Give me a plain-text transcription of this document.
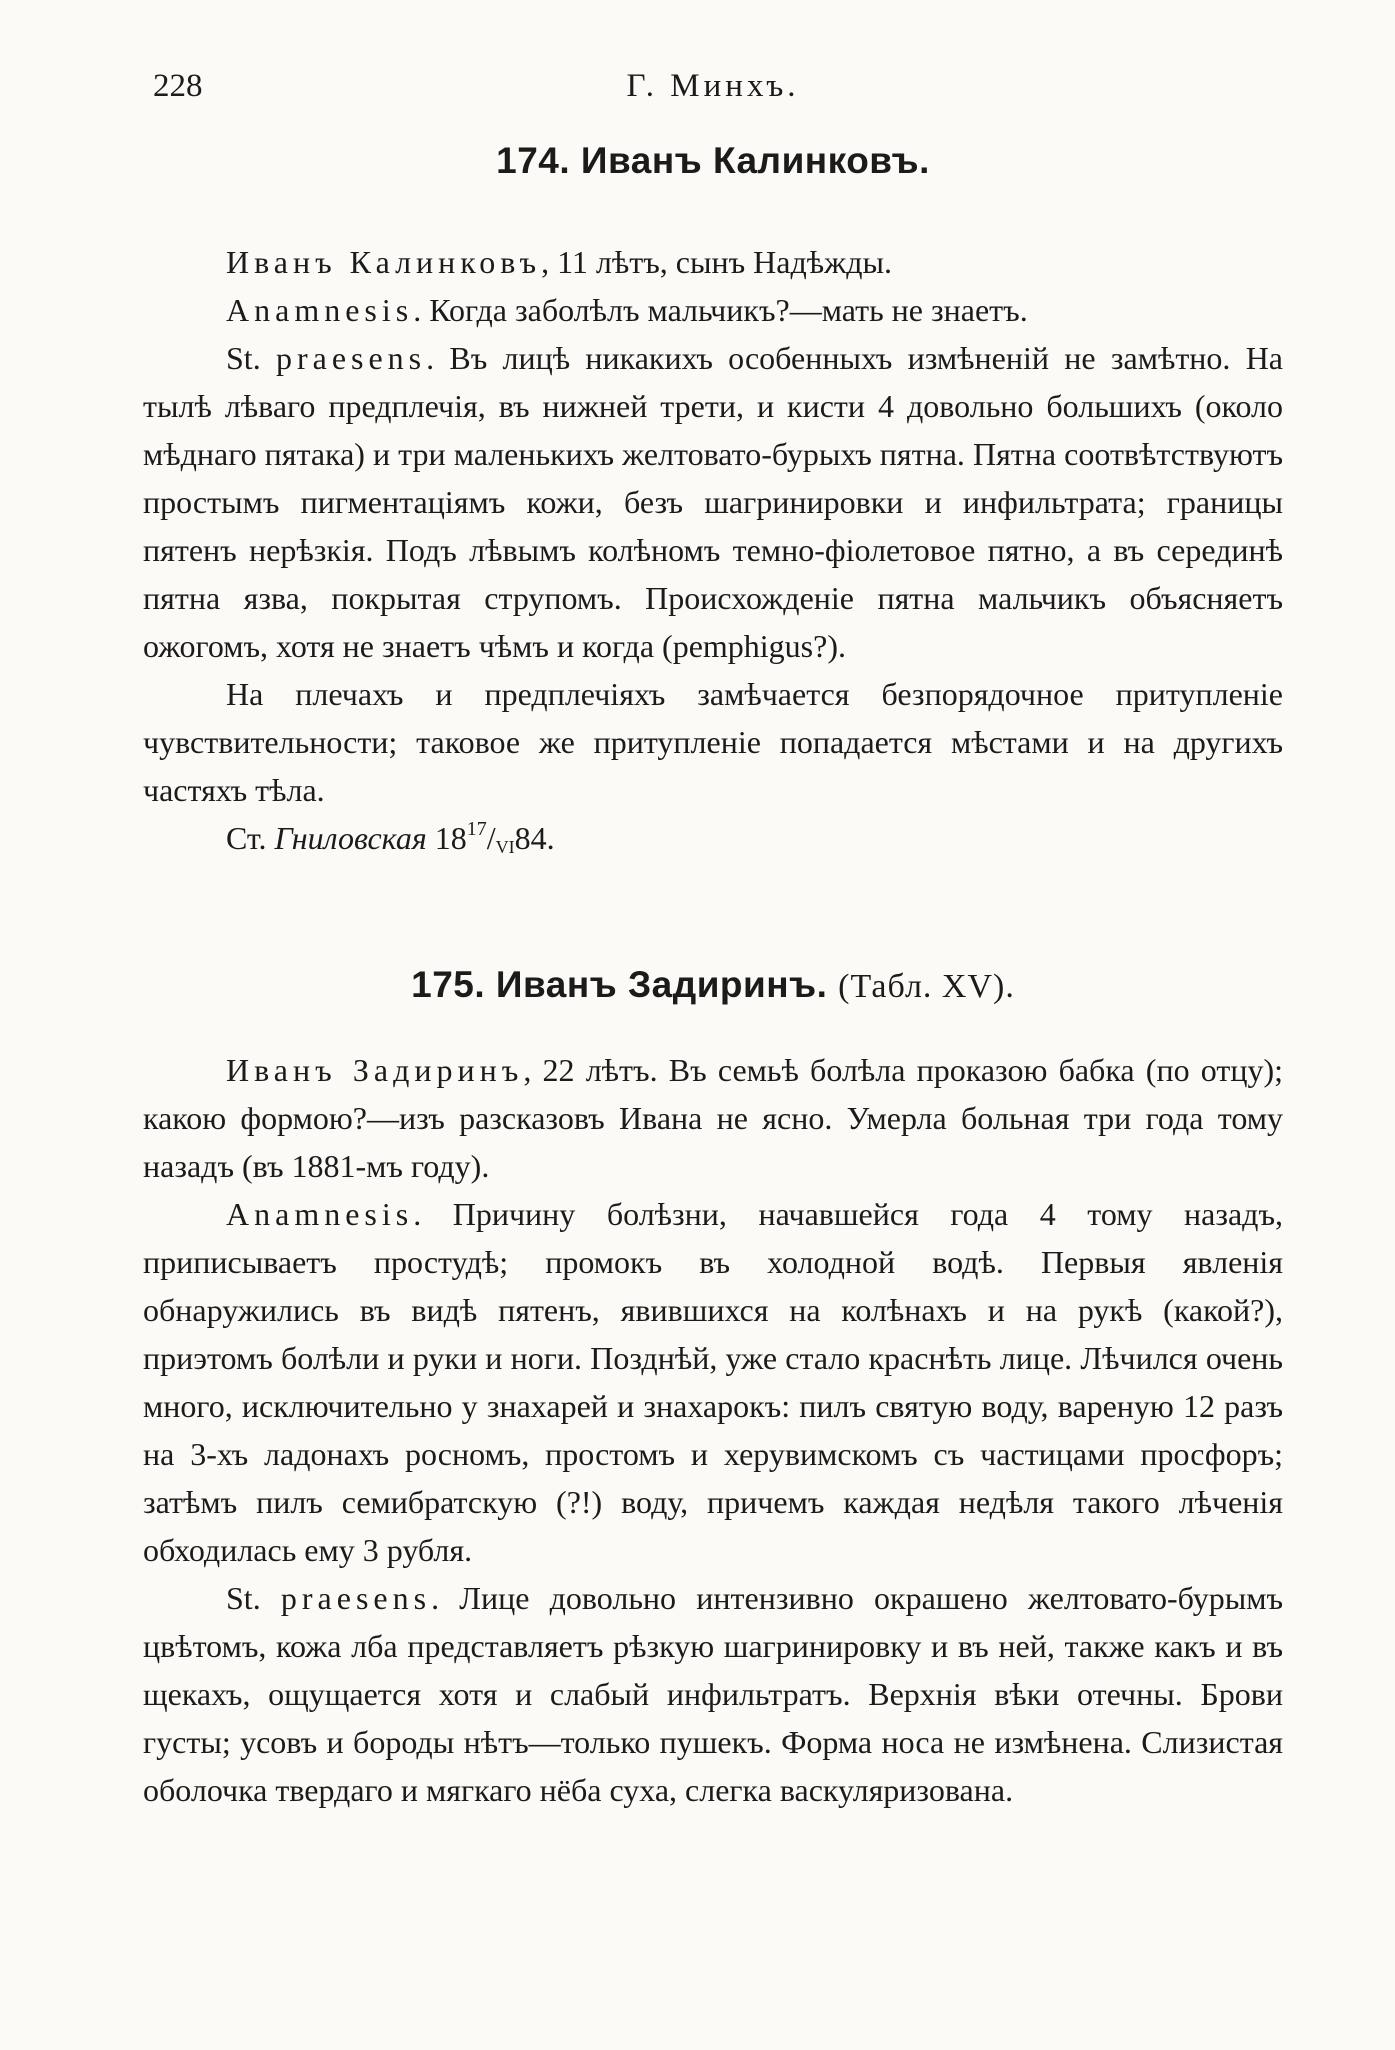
228	Г. Минхъ.
174. Иванъ Калинковъ.

Иванъ Калинковъ, 11 лѣтъ, сынъ Надѣжды.

Anamnesis. Когда заболѣлъ мальчикъ?—мать не знаетъ.

St. praesens. Въ лицѣ никакихъ особенныхъ измѣненій не замѣтно. На тылѣ лѣваго предплечія, въ нижней трети, и кисти 4 довольно большихъ (около мѣднаго пятака) и три маленькихъ желтовато-бурыхъ пятна. Пятна соотвѣтствуютъ простымъ пигментаціямъ кожи, безъ шагринировки и инфильтрата; границы пятенъ нерѣзкія. Подъ лѣвымъ колѣномъ темно-фіолетовое пятно, а въ серединѣ пятна язва, покрытая струпомъ. Происхожденіе пятна мальчикъ объясняетъ ожогомъ, хотя не знаетъ чѣмъ и когда (pemphigus?).

На плечахъ и предплечіяхъ замѣчается безпорядочное притупленіе чувствительности; таковое же притупленіе попадается мѣстами и на другихъ частяхъ тѣла.

Ст. Гниловская $18^{17}/_{VI}84$.

175. Иванъ Задиринъ. (Табл. XV).

Иванъ Задиринъ, 22 лѣтъ. Въ семьѣ болѣла проказою бабка (по отцу); какою формою?—изъ разсказовъ Ивана не ясно. Умерла больная три года тому назадъ (въ 1881-мъ году).

Anamnesis. Причину болѣзни, начавшейся года 4 тому назадъ, приписываетъ простудѣ; промокъ въ холодной водѣ. Первыя явленія обнаружились въ видѣ пятенъ, явившихся на колѣнахъ и на рукѣ (какой?), приэтомъ болѣли и руки и ноги. Позднѣй, уже стало краснѣть лице. Лѣчился очень много, исключительно у знахарей и знахарокъ: пилъ святую воду, вареную 12 разъ на 3-хъ ладонахъ росномъ, простомъ и херувимскомъ съ частицами просфоръ; затѣмъ пилъ семибратскую (?!) воду, причемъ каждая недѣля такого лѣченія обходилась ему 3 рубля.

St. praesens. Лице довольно интензивно окрашено желтовато-бурымъ цвѣтомъ, кожа лба представляетъ рѣзкую шагринировку и въ ней, также какъ и въ щекахъ, ощущается хотя и слабый инфильтратъ. Верхнія вѣки отечны. Брови густы; усовъ и бороды нѣтъ—только пушекъ. Форма носа не измѣнена. Слизистая оболочка твердаго и мягкаго нёба суха, слегка васкуляризована.
